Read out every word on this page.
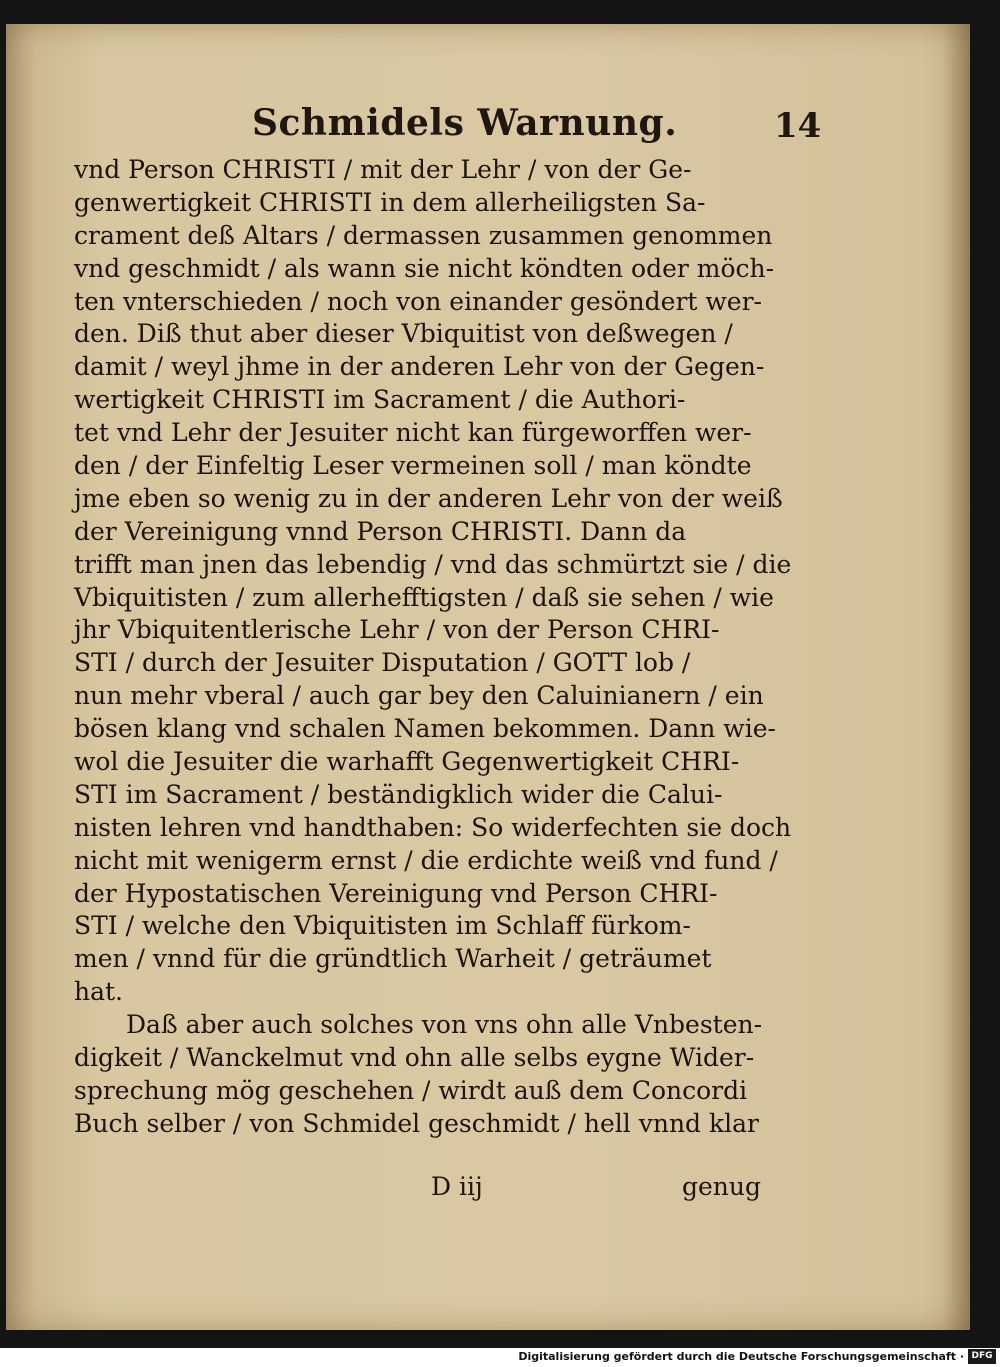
Schmidels Warnung.	14
vnd Person CHRISTI / mit der Lehr / von der Ge-
genwertigkeit CHRISTI in dem allerheiligsten Sa-
crament deß Altars / dermassen zusammen genommen
vnd geschmidt / als wann sie nicht köndten oder möch-
ten vnterschieden / noch von einander gesöndert wer-
den. Diß thut aber dieser Vbiquitist von deßwegen /
damit / weyl jhme in der anderen Lehr von der Gegen-
wertigkeit CHRISTI im Sacrament / die Authori-
tet vnd Lehr der Jesuiter nicht kan fürgeworffen wer-
den / der Einfeltig Leser vermeinen soll / man köndte
jme eben so wenig zu in der anderen Lehr von der weiß
der Vereinigung vnnd Person CHRISTI. Dann da
trifft man jnen das lebendig / vnd das schmürtzt sie / die
Vbiquitisten / zum allerhefftigsten / daß sie sehen / wie
jhr Vbiquitentlerische Lehr / von der Person CHRI-
STI / durch der Jesuiter Disputation / GOTT lob /
nun mehr vberal / auch gar bey den Caluinianern / ein
bösen klang vnd schalen Namen bekommen. Dann wie-
wol die Jesuiter die warhafft Gegenwertigkeit CHRI-
STI im Sacrament / beständigklich wider die Calui-
nisten lehren vnd handthaben: So widerfechten sie doch
nicht mit wenigerm ernst / die erdichte weiß vnd fund /
der Hypostatischen Vereinigung vnd Person CHRI-
STI / welche den Vbiquitisten im Schlaff fürkom-
men / vnnd für die gründtlich Warheit / geträumet
hat.
Daß aber auch solches von vns ohn alle Vnbesten-
digkeit / Wanckelmut vnd ohn alle selbs eygne Wider-
sprechung mög geschehen / wirdt auß dem Concordi
Buch selber / von Schmidel geschmidt / hell vnnd klar
D iij	genug
Digitalisierung gefördert durch die Deutsche Forschungsgemeinschaft · DFG
